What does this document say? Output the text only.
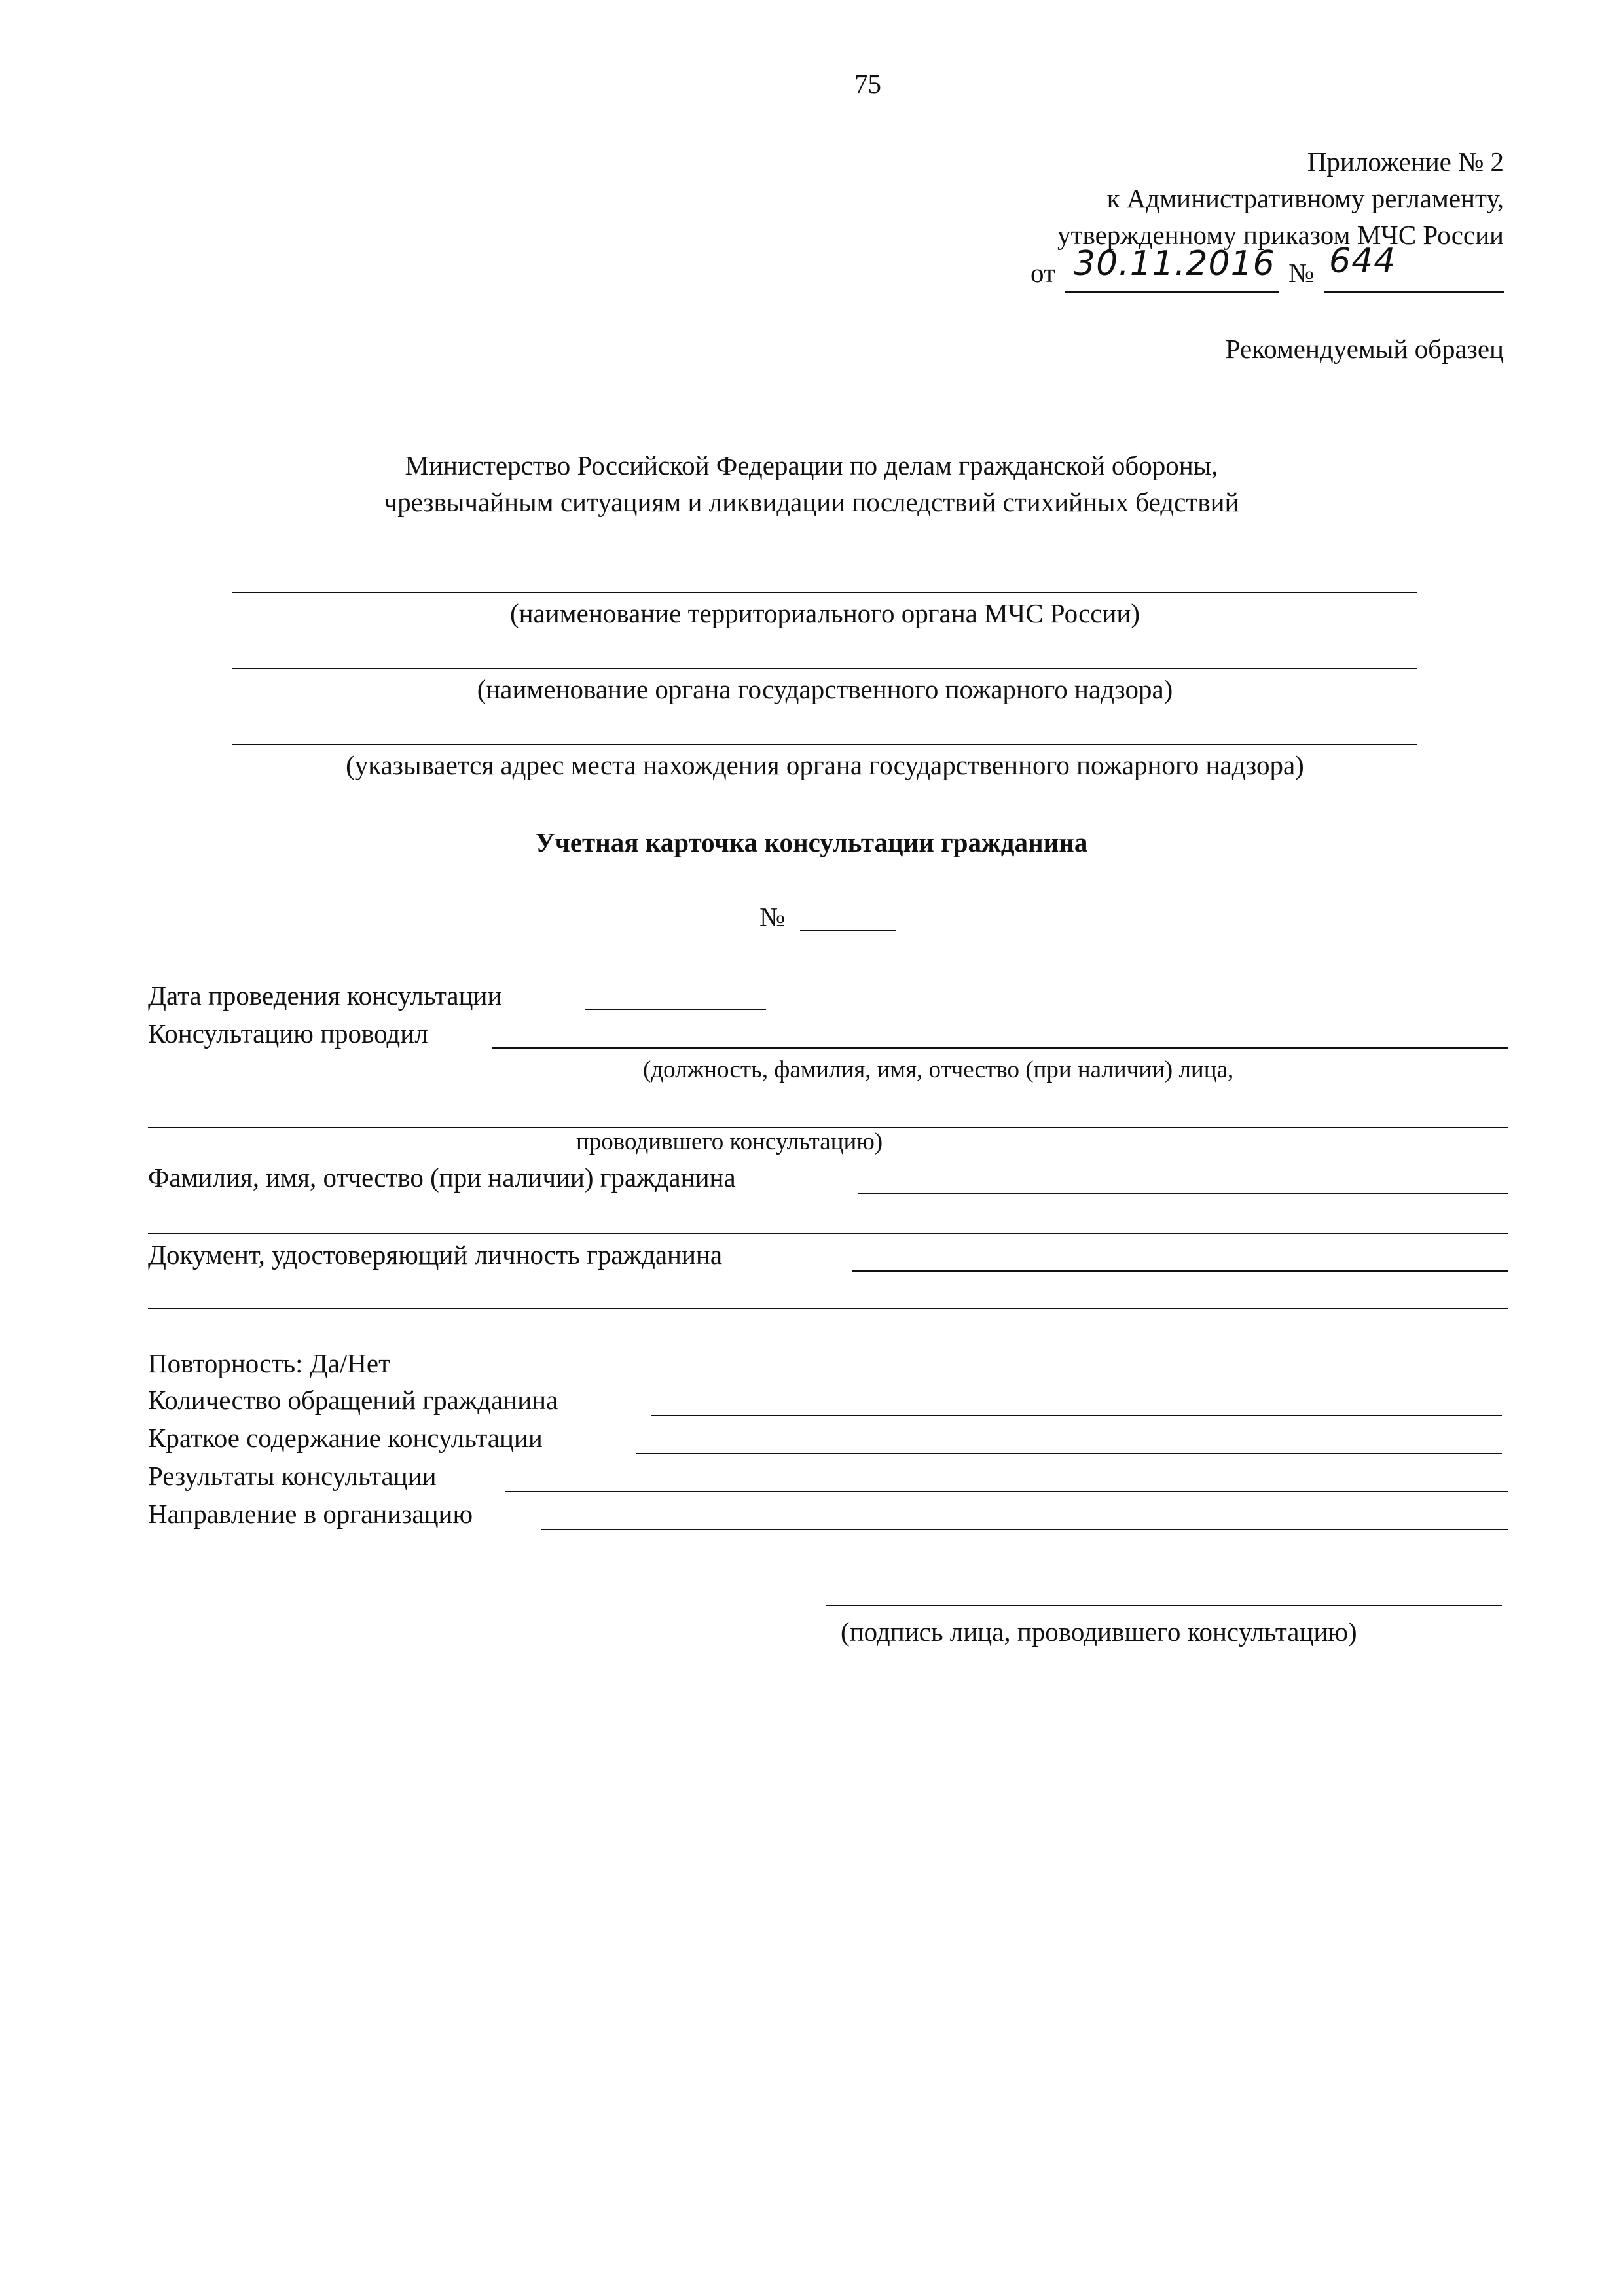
75
Приложение № 2
к Административному регламенту,
утвержденному приказом МЧС России
от 30.11.2016 № 644
Рекомендуемый образец
Министерство Российской Федерации по делам гражданской обороны,
чрезвычайным ситуациям и ликвидации последствий стихийных бедствий
(наименование территориального органа МЧС России)
(наименование органа государственного пожарного надзора)
(указывается адрес места нахождения органа государственного пожарного надзора)
Учетная карточка консультации гражданина
№
Дата проведения консультации
Консультацию проводил
(должность, фамилия, имя, отчество (при наличии) лица,
проводившего консультацию)
Фамилия, имя, отчество (при наличии) гражданина
Документ, удостоверяющий личность гражданина
Повторность: Да/Нет
Количество обращений гражданина
Краткое содержание консультации
Результаты консультации
Направление в организацию
(подпись лица, проводившего консультацию)
